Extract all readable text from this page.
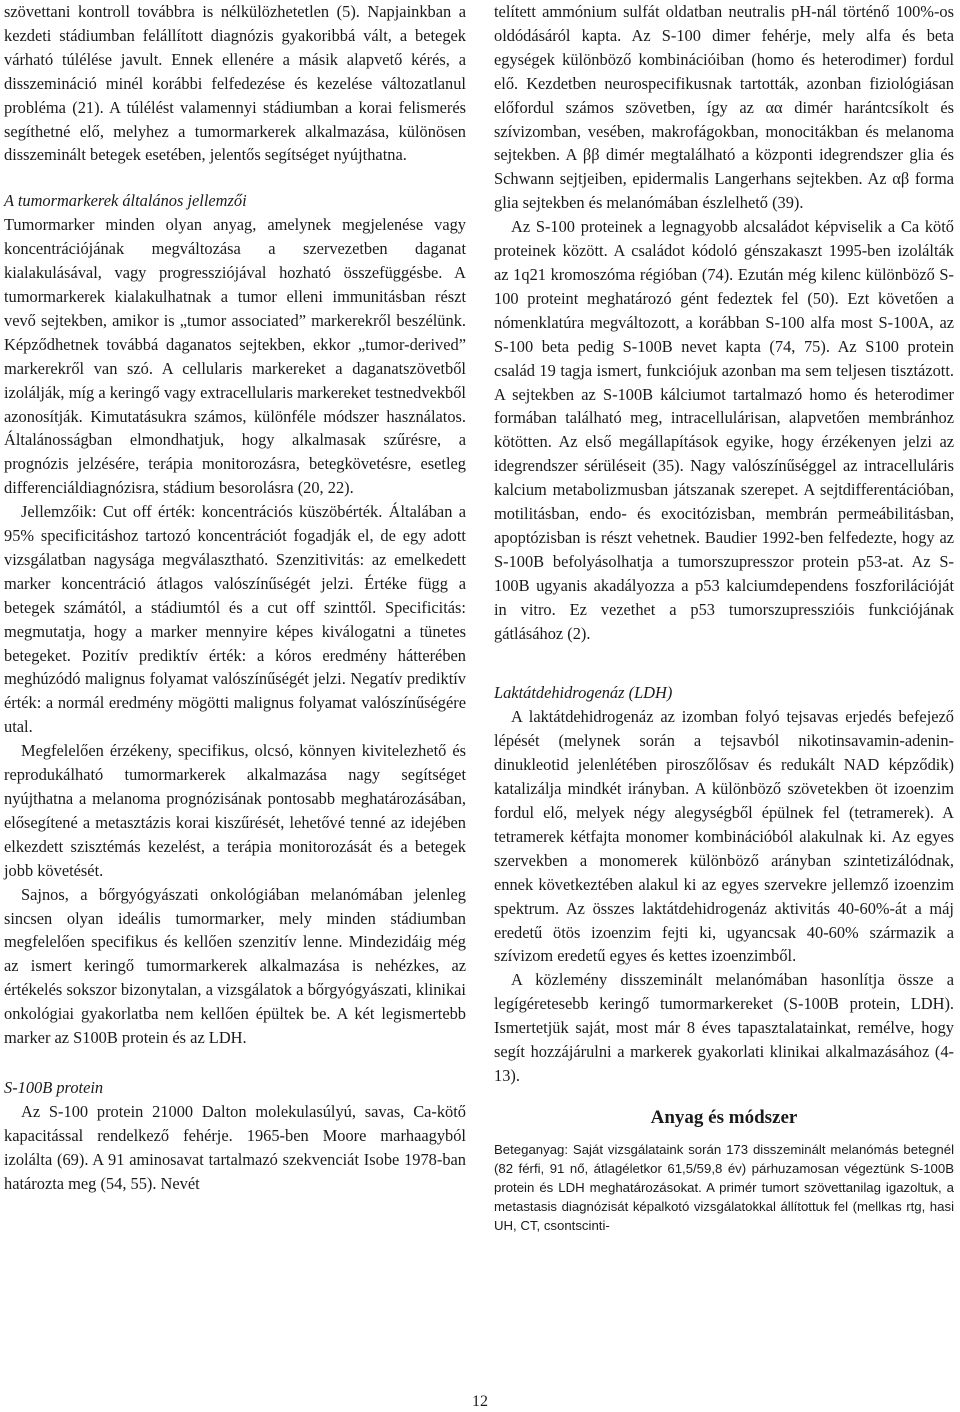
szövettani kontroll továbbra is nélkülözhetetlen (5). Napjainkban a kezdeti stádiumban felállított diagnózis gyakoribbá vált, a betegek várható túlélése javult. Ennek ellenére a másik alapvető kérés, a disszemináció minél korábbi felfedezése és kezelése változatlanul probléma (21). A túlélést valamennyi stádiumban a korai felismerés segíthetné elő, melyhez a tumormarkerek alkalmazása, különösen disszeminált betegek esetében, jelentős segítséget nyújthatna.

A tumormarkerek általános jellemzői

Tumormarker minden olyan anyag, amelynek megjelenése vagy koncentrációjának megváltozása a szervezetben daganat kialakulásával, vagy progressziójával hozható összefüggésbe. A tumormarkerek kialakulhatnak a tumor elleni immunitásban részt vevő sejtekben, amikor is „tumor associated” markerekről beszélünk. Képződhetnek továbbá daganatos sejtekben, ekkor „tumor-derived” markerekről van szó. A cellularis markereket a daganatszövetből izolálják, míg a keringő vagy extracellularis markereket testnedvekből azonosítják. Kimutatásukra számos, különféle módszer használatos. Általánosságban elmondhatjuk, hogy alkalmasak szűrésre, a prognózis jelzésére, terápia monitorozásra, betegkövetésre, esetleg differenciáldiagnózisra, stádium besorolásra (20, 22).

Jellemzőik: Cut off érték: koncentrációs küszöbérték. Általában a 95% specificitáshoz tartozó koncentrációt fogadják el, de egy adott vizsgálatban nagysága megválasztható. Szenzitivitás: az emelkedett marker koncentráció átlagos valószínűségét jelzi. Értéke függ a betegek számától, a stádiumtól és a cut off szinttől. Specificitás: megmutatja, hogy a marker mennyire képes kiválogatni a tünetes betegeket. Pozitív prediktív érték: a kóros eredmény hátterében meghúzódó malignus folyamat valószínűségét jelzi. Negatív prediktív érték: a normál eredmény mögötti malignus folyamat valószínűségére utal.

Megfelelően érzékeny, specifikus, olcsó, könnyen kivitelezhető és reprodukálható tumormarkerek alkalmazása nagy segítséget nyújthatna a melanoma prognózisának pontosabb meghatározásában, elősegítené a metasztázis korai kiszűrését, lehetővé tenné az idejében elkezdett szisztémás kezelést, a terápia monitorozását és a betegek jobb követését.

Sajnos, a bőrgyógyászati onkológiában melanómában jelenleg sincsen olyan ideális tumormarker, mely minden stádiumban megfelelően specifikus és kellően szenzitív lenne. Mindezidáig még az ismert keringő tumormarkerek alkalmazása is nehézkes, az értékelés sokszor bizonytalan, a vizsgálatok a bőrgyógyászati, klinikai onkológiai gyakorlatba nem kellően épültek be. A két legismertebb marker az S100B protein és az LDH.

S-100B protein

Az S-100 protein 21000 Dalton molekulasúlyú, savas, Ca-kötő kapacitással rendelkező fehérje. 1965-ben Moore marhaagyból izolálta (69). A 91 aminosavat tartalmazó szekvenciát Isobe 1978-ban határozta meg (54, 55). Nevét

telített ammónium sulfát oldatban neutralis pH-nál történő 100%-os oldódásáról kapta. Az S-100 dimer fehérje, mely alfa és beta egységek különböző kombinációiban (homo és heterodimer) fordul elő. Kezdetben neurospecifikusnak tartották, azonban fiziológiásan előfordul számos szövetben, így az αα dimér harántcsíkolt és szívizomban, vesében, makrofágokban, monocitákban és melanoma sejtekben. A ββ dimér megtalálható a központi idegrendszer glia és Schwann sejtjeiben, epidermalis Langerhans sejtekben. Az αβ forma glia sejtekben és melanómában észlelhető (39).

Az S-100 proteinek a legnagyobb alcsaládot képviselik a Ca kötő proteinek között. A családot kódoló génszakaszt 1995-ben izolálták az 1q21 kromoszóma régióban (74). Ezután még kilenc különböző S-100 proteint meghatározó gént fedeztek fel (50). Ezt követően a nómenklatúra megváltozott, a korábban S-100 alfa most S-100A, az S-100 beta pedig S-100B nevet kapta (74, 75). Az S100 protein család 19 tagja ismert, funkciójuk azonban ma sem teljesen tisztázott. A sejtekben az S-100B kálciumot tartalmazó homo és heterodimer formában található meg, intracellulárisan, alapvetően membránhoz kötötten. Az első megállapítások egyike, hogy érzékenyen jelzi az idegrendszer sérüléseit (35). Nagy valószínűséggel az intracelluláris kalcium metabolizmusban játszanak szerepet. A sejtdifferentációban, motilitásban, endo- és exocitózisban, membrán permeábilitásban, apoptózisban is részt vehetnek. Baudier 1992-ben felfedezte, hogy az S-100B befolyásolhatja a tumorszupresszor protein p53-at. Az S-100B ugyanis akadályozza a p53 kalciumdependens foszforilációját in vitro. Ez vezethet a p53 tumorszupresszióis funkciójának gátlásához (2).

Laktátdehidrogenáz (LDH)

A laktátdehidrogenáz az izomban folyó tejsavas erjedés befejező lépését (melynek során a tejsavból nikotinsavamin-adenin-dinukleotid jelenlétében piroszőlősav és redukált NAD képződik) katalizálja mindkét irányban. A különböző szövetekben öt izoenzim fordul elő, melyek négy alegységből épülnek fel (tetramerek). A tetramerek kétfajta monomer kombinációból alakulnak ki. Az egyes szervekben a monomerek különböző arányban szintetizálódnak, ennek következtében alakul ki az egyes szervekre jellemző izoenzim spektrum. Az összes laktátdehidrogenáz aktivitás 40-60%-át a máj eredetű ötös izoenzim fejti ki, ugyancsak 40-60% származik a szívizom eredetű egyes és kettes izoenzimből.

A közlemény disszeminált melanómában hasonlítja össze a legígéretesebb keringő tumormarkereket (S-100B protein, LDH). Ismertetjük saját, most már 8 éves tapasztalatainkat, remélve, hogy segít hozzájárulni a markerek gyakorlati klinikai alkalmazásához (4-13).

Anyag és módszer

Beteganyag: Saját vizsgálataink során 173 disszeminált melanómás betegnél (82 férfi, 91 nő, átlagéletkor 61,5/59,8 év) párhuzamosan végeztünk S-100B protein és LDH meghatározásokat. A primér tumort szövettanilag igazoltuk, a metastasis diagnózisát képalkotó vizsgálatokkal állítottuk fel (mellkas rtg, hasi UH, CT, csontscinti-

12
